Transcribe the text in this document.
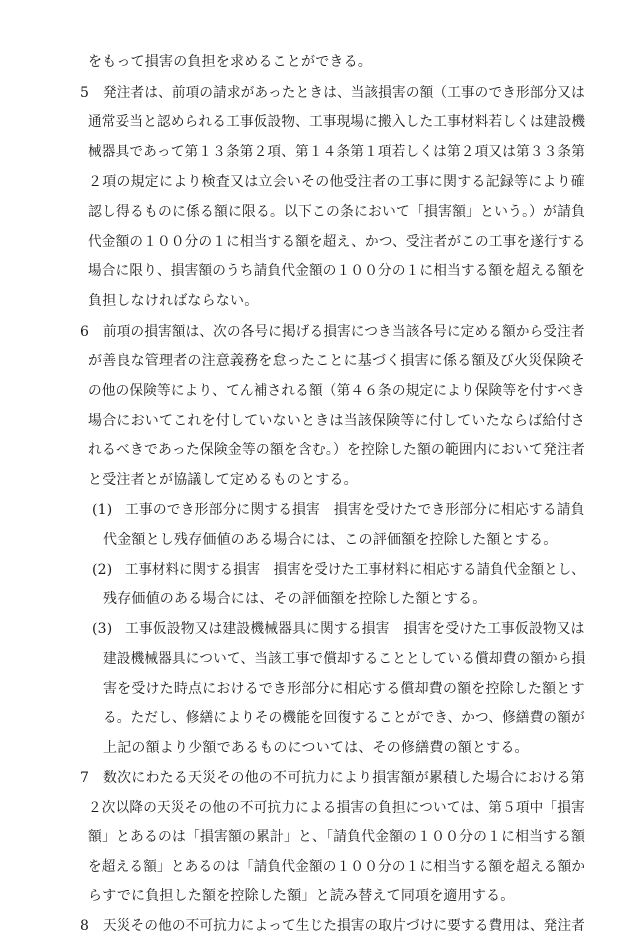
をもって損害の負担を求めることができる。
5 発注者は、前項の請求があったときは、当該損害の額（工事のでき形部分又は
通常妥当と認められる工事仮設物、工事現場に搬入した工事材料若しくは建設機
械器具であって第１３条第２項、第１４条第１項若しくは第２項又は第３３条第
２項の規定により検査又は立会いその他受注者の工事に関する記録等により確
認し得るものに係る額に限る。以下この条において「損害額」という。）が請負
代金額の１００分の１に相当する額を超え、かつ、受注者がこの工事を遂行する
場合に限り、損害額のうち請負代金額の１００分の１に相当する額を超える額を
負担しなければならない。
6 前項の損害額は、次の各号に掲げる損害につき当該各号に定める額から受注者
が善良な管理者の注意義務を怠ったことに基づく損害に係る額及び火災保険そ
の他の保険等により、てん補される額（第４６条の規定により保険等を付すべき
場合においてこれを付していないときは当該保険等に付していたならば給付さ
れるべきであった保険金等の額を含む。）を控除した額の範囲内において発注者
と受注者とが協議して定めるものとする。
(1) 工事のでき形部分に関する損害　損害を受けたでき形部分に相応する請負
代金額とし残存価値のある場合には、この評価額を控除した額とする。
(2) 工事材料に関する損害　損害を受けた工事材料に相応する請負代金額とし、
残存価値のある場合には、その評価額を控除した額とする。
(3) 工事仮設物又は建設機械器具に関する損害　損害を受けた工事仮設物又は
建設機械器具について、当該工事で償却することとしている償却費の額から損
害を受けた時点におけるでき形部分に相応する償却費の額を控除した額とす
る。ただし、修繕によりその機能を回復することができ、かつ、修繕費の額が
上記の額より少額であるものについては、その修繕費の額とする。
7 数次にわたる天災その他の不可抗力により損害額が累積した場合における第
２次以降の天災その他の不可抗力による損害の負担については、第５項中「損害
額」とあるのは「損害額の累計」と、「請負代金額の１００分の１に相当する額
を超える額」とあるのは「請負代金額の１００分の１に相当する額を超える額か
らすでに負担した額を控除した額」と読み替えて同項を適用する。
8 天災その他の不可抗力によって生じた損害の取片づけに要する費用は、発注者
